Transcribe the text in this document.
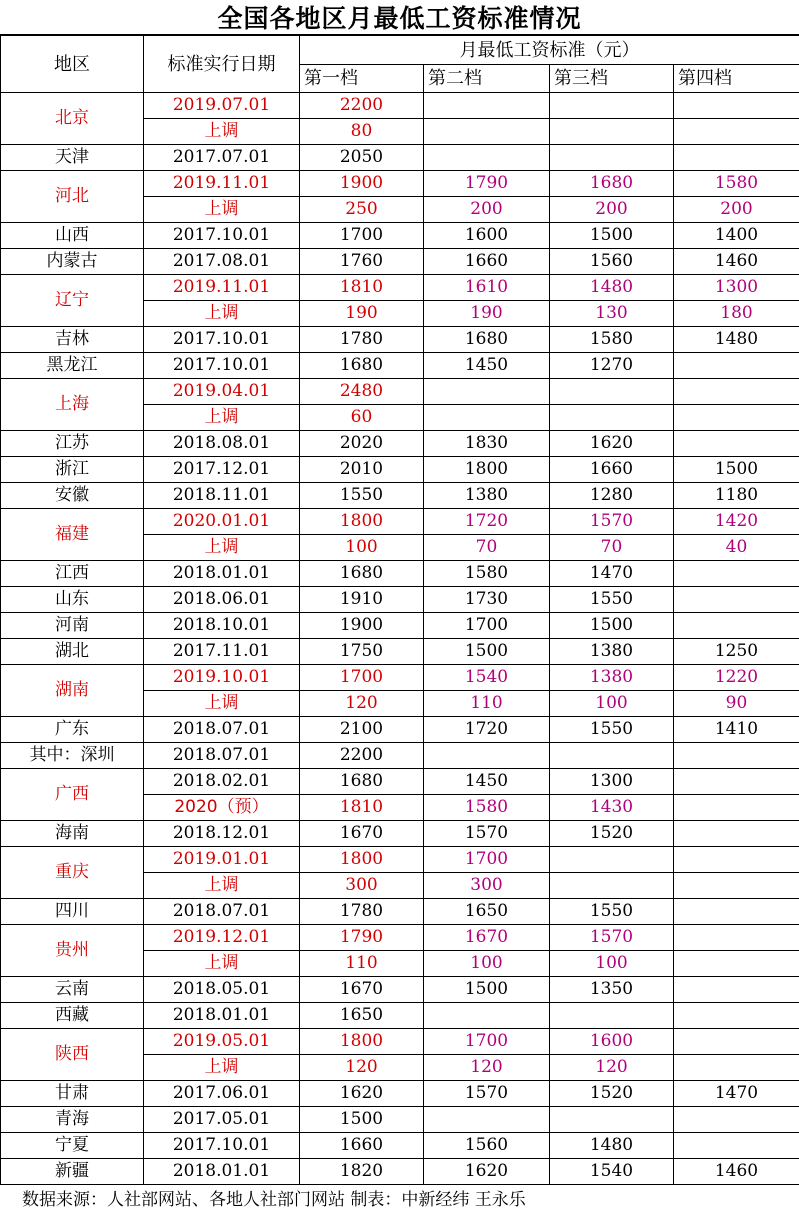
全国各地区月最低工资标准情况
地区	标准实行日期	月最低工资标准（元）			
		第一档	第二档	第三档	第四档
北京	2019.07.01	2200			
	上调	80			
天津	2017.07.01	2050			
河北	2019.11.01	1900	1790	1680	1580
	上调	250	200	200	200
山西	2017.10.01	1700	1600	1500	1400
内蒙古	2017.08.01	1760	1660	1560	1460
辽宁	2019.11.01	1810	1610	1480	1300
	上调	190	190	130	180
吉林	2017.10.01	1780	1680	1580	1480
黑龙江	2017.10.01	1680	1450	1270	
上海	2019.04.01	2480			
	上调	60			
江苏	2018.08.01	2020	1830	1620	
浙江	2017.12.01	2010	1800	1660	1500
安徽	2018.11.01	1550	1380	1280	1180
福建	2020.01.01	1800	1720	1570	1420
	上调	100	70	70	40
江西	2018.01.01	1680	1580	1470	
山东	2018.06.01	1910	1730	1550	
河南	2018.10.01	1900	1700	1500	
湖北	2017.11.01	1750	1500	1380	1250
湖南	2019.10.01	1700	1540	1380	1220
	上调	120	110	100	90
广东	2018.07.01	2100	1720	1550	1410
其中：深圳	2018.07.01	2200			
广西	2018.02.01	1680	1450	1300	
	2020（预）	1810	1580	1430	
海南	2018.12.01	1670	1570	1520	
重庆	2019.01.01	1800	1700		
	上调	300	300		
四川	2018.07.01	1780	1650	1550	
贵州	2019.12.01	1790	1670	1570	
	上调	110	100	100	
云南	2018.05.01	1670	1500	1350	
西藏	2018.01.01	1650			
陕西	2019.05.01	1800	1700	1600	
	上调	120	120	120	
甘肃	2017.06.01	1620	1570	1520	1470
青海	2017.05.01	1500			
宁夏	2017.10.01	1660	1560	1480	
新疆	2018.01.01	1820	1620	1540	1460
数据来源：人社部网站、各地人社部门网站 制表：中新经纬 王永乐
